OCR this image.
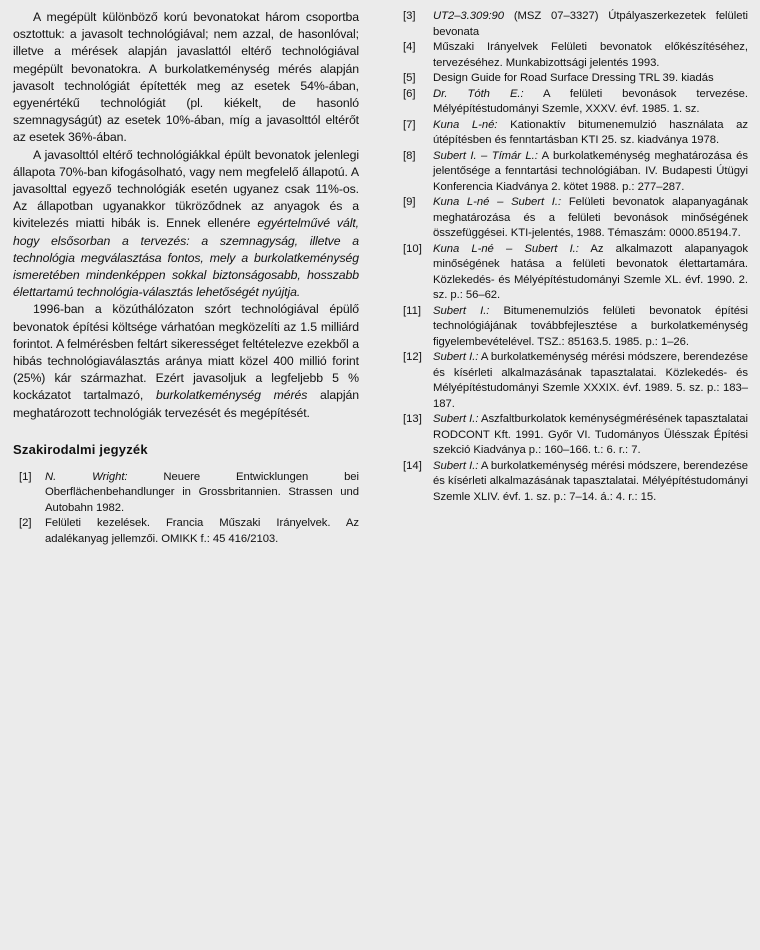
A megépült különböző korú bevonatokat három csoportba osztottuk: a javasolt technológiával; nem azzal, de hasonlóval; illetve a mérések alapján javaslattól eltérő technológiával megépült bevonatokra. A burkolatkeménység mérés alapján javasolt technológiát építették meg az esetek 54%-ában, egyenértékű technológiát (pl. kiékelt, de hasonló szemnagyságút) az esetek 10%-ában, míg a javasolttól eltérőt az esetek 36%-ában.

A javasolttól eltérő technológiákkal épült bevonatok jelenlegi állapota 70%-ban kifogásolható, vagy nem megfelelő állapotú. A javasolttal egyező technológiák esetén ugyanez csak 11%-os. Az állapotban ugyanakkor tükröződnek az anyagok és a kivitelezés miatti hibák is. Ennek ellenére egyértelművé vált, hogy elsősorban a tervezés: a szemnagyság, illetve a technológia megválasztása fontos, mely a burkolatkeménység ismeretében mindenképpen sokkal biztonságosabb, hosszabb élettartamú technológia-választás lehetőségét nyújtja.

1996-ban a közúthálózaton szórt technológiával épülő bevonatok építési költsége várhatóan megközelíti az 1.5 milliárd forintot. A felmérésben feltárt sikerességet feltételezve ezekből a hibás technológiaválasztás aránya miatt közel 400 millió forint (25%) kár származhat. Ezért javasoljuk a legfeljebb 5 % kockázatot tartalmazó, burkolatkeménység mérés alapján meghatározott technológiák tervezését és megépítését.

Szakirodalmi jegyzék
[1]	N. Wright: Neuere Entwicklungen bei Oberflächenbehandlunger in Grossbritannien. Strassen und Autobahn 1982.
[2]	Felületi kezelések. Francia Műszaki Irányelvek. Az adalékanyag jellemzői. OMIKK f.: 45 416/2103.
[3]	UT2–3.309:90 (MSZ 07–3327) Útpályaszerkezetek felületi bevonata
[4]	Műszaki Irányelvek Felületi bevonatok előkészítéséhez, tervezéséhez. Munkabizottsági jelentés 1993.
[5]	Design Guide for Road Surface Dressing TRL 39. kiadás
[6]	Dr. Tóth E.: A felületi bevonások tervezése. Mélyépítéstudományi Szemle, XXXV. évf. 1985. 1. sz.
[7]	Kuna L-né: Kationaktív bitumenemulzió használata az útépítésben és fenntartásban KTI 25. sz. kiadványa 1978.
[8]	Subert I. – Tímár L.: A burkolatkeménység meghatározása és jelentősége a fenntartási technológiában. IV. Budapesti Útügyi Konferencia Kiadványa 2. kötet 1988. p.: 277–287.
[9]	Kuna L-né – Subert I.: Felületi bevonatok alapanyagának meghatározása és a felületi bevonások minőségének összefüggései. KTI-jelentés, 1988. Témaszám: 0000.85194.7.
[10] Kuna L-né – Subert I.: Az alkalmazott alapanyagok minőségének hatása a felületi bevonatok élettartamára. Közlekedés- és Mélyépítéstudományi Szemle XL. évf. 1990. 2. sz. p.: 56–62.
[11]	Subert I.: Bitumenemulziós felületi bevonatok építési technológiájának továbbfejlesztése a burkolatkeménység figyelembevételével. TSZ.: 85163.5. 1985. p.: 1–26.
[12] Subert I.: A burkolatkeménység mérési módszere, berendezése és kísérleti alkalmazásának tapasztalatai. Közlekedés- és Mélyépítéstudományi Szemle XXXIX. évf. 1989. 5. sz. p.: 183–187.
[13] Subert I.: Aszfaltburkolatok keménységmérésének tapasztalatai RODCONT Kft. 1991. Győr VI. Tudományos Ülésszak Építési szekció Kiadványa p.: 160–166. t.: 6. r.: 7.
[14] Subert I.: A burkolatkeménység mérési módszere, berendezése és kísérleti alkalmazásának tapasztalatai. Mélyépítéstudományi Szemle XLIV. évf. 1. sz. p.: 7–14. á.: 4. r.: 15.
